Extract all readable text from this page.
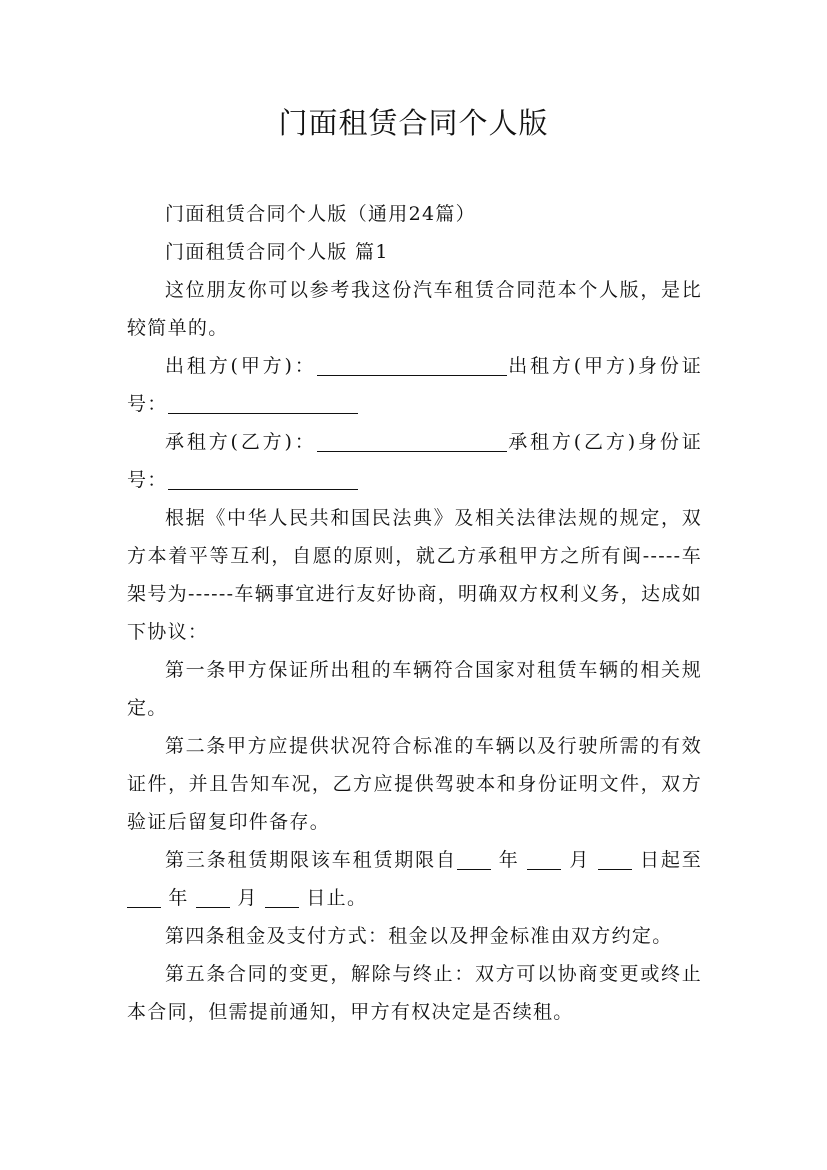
门面租赁合同个人版

门面租赁合同个人版（通用24篇）

门面租赁合同个人版 篇1

这位朋友你可以参考我这份汽车租赁合同范本个人版，是比较简单的。

出租方(甲方)：	出租方(甲方)身份证号：

承租方(乙方)：	承租方(乙方)身份证号：

根据《中华人民共和国民法典》及相关法律法规的规定，双方本着平等互利，自愿的原则，就乙方承租甲方之所有闽-----车架号为------车辆事宜进行友好协商，明确双方权利义务，达成如下协议：

第一条甲方保证所出租的车辆符合国家对租赁车辆的相关规定。

第二条甲方应提供状况符合标准的车辆以及行驶所需的有效证件，并且告知车况，乙方应提供驾驶本和身份证明文件，双方验证后留复印件备存。

第三条租赁期限该车租赁期限自 年	月	日起至 年	月	日止。

第四条租金及支付方式：租金以及押金标准由双方约定。

第五条合同的变更，解除与终止：双方可以协商变更或终止本合同，但需提前通知，甲方有权决定是否续租。
